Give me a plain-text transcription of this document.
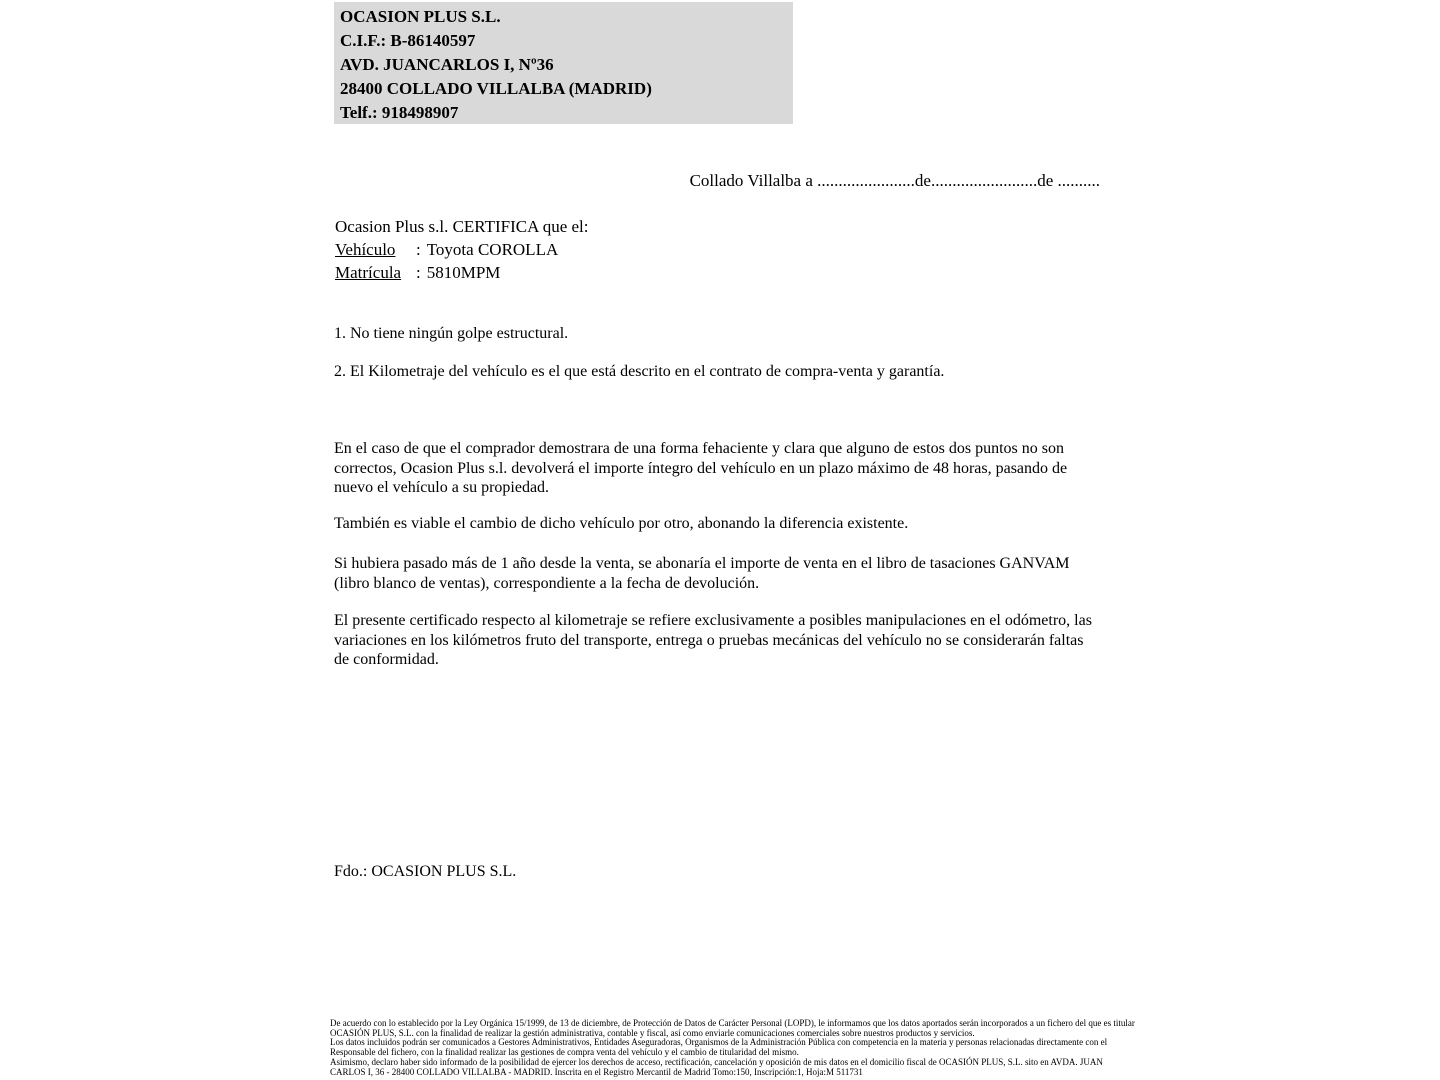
OCASION PLUS S.L.
C.I.F.: B-86140597
AVD. JUANCARLOS I, Nº36
28400 COLLADO VILLALBA (MADRID)
Telf.: 918498907
Collado Villalba a .......................de.........................de ..........
Ocasion Plus s.l. CERTIFICA que el:
Vehículo : Toyota COROLLA
Matrícula : 5810MPM
1. No tiene ningún golpe estructural.
2. El Kilometraje del vehículo es el que está descrito en el contrato de compra-venta y garantía.
En el caso de que el comprador demostrara de una forma fehaciente y clara que alguno de estos dos puntos no son correctos, Ocasion Plus s.l. devolverá el importe íntegro del vehículo en un plazo máximo de 48 horas, pasando de nuevo el vehículo a su propiedad.
También es viable el cambio de dicho vehículo por otro, abonando la diferencia existente.
Si hubiera pasado más de 1 año desde la venta, se abonaría el importe de venta en el libro de tasaciones GANVAM (libro blanco de ventas), correspondiente a la fecha de devolución.
El presente certificado respecto al kilometraje se refiere exclusivamente a posibles manipulaciones en el odómetro, las variaciones en los kilómetros fruto del transporte, entrega o pruebas mecánicas del vehículo no se considerarán faltas de conformidad.
Fdo.: OCASION PLUS S.L.
De acuerdo con lo establecido por la Ley Orgánica 15/1999, de 13 de diciembre, de Protección de Datos de Carácter Personal (LOPD), le informamos que los datos aportados serán incorporados a un fichero del que es titular
OCASIÓN PLUS, S.L. con la finalidad de realizar la gestión administrativa, contable y fiscal, así como enviarle comunicaciones comerciales sobre nuestros productos y servicios.
Los datos incluidos podrán ser comunicados a Gestores Administrativos, Entidades Aseguradoras, Organismos de la Administración Pública con competencia en la materia y personas relacionadas directamente con el
Responsable del fichero, con la finalidad realizar las gestiones de compra venta del vehículo y el cambio de titularidad del mismo.
Asimismo, declaro haber sido informado de la posibilidad de ejercer los derechos de acceso, rectificación, cancelación y oposición de mis datos en el domicilio fiscal de OCASIÓN PLUS, S.L. sito en AVDA. JUAN
CARLOS I, 36 - 28400 COLLADO VILLALBA - MADRID. Inscrita en el Registro Mercantil de Madrid Tomo:150, Inscripción:1, Hoja:M 511731
